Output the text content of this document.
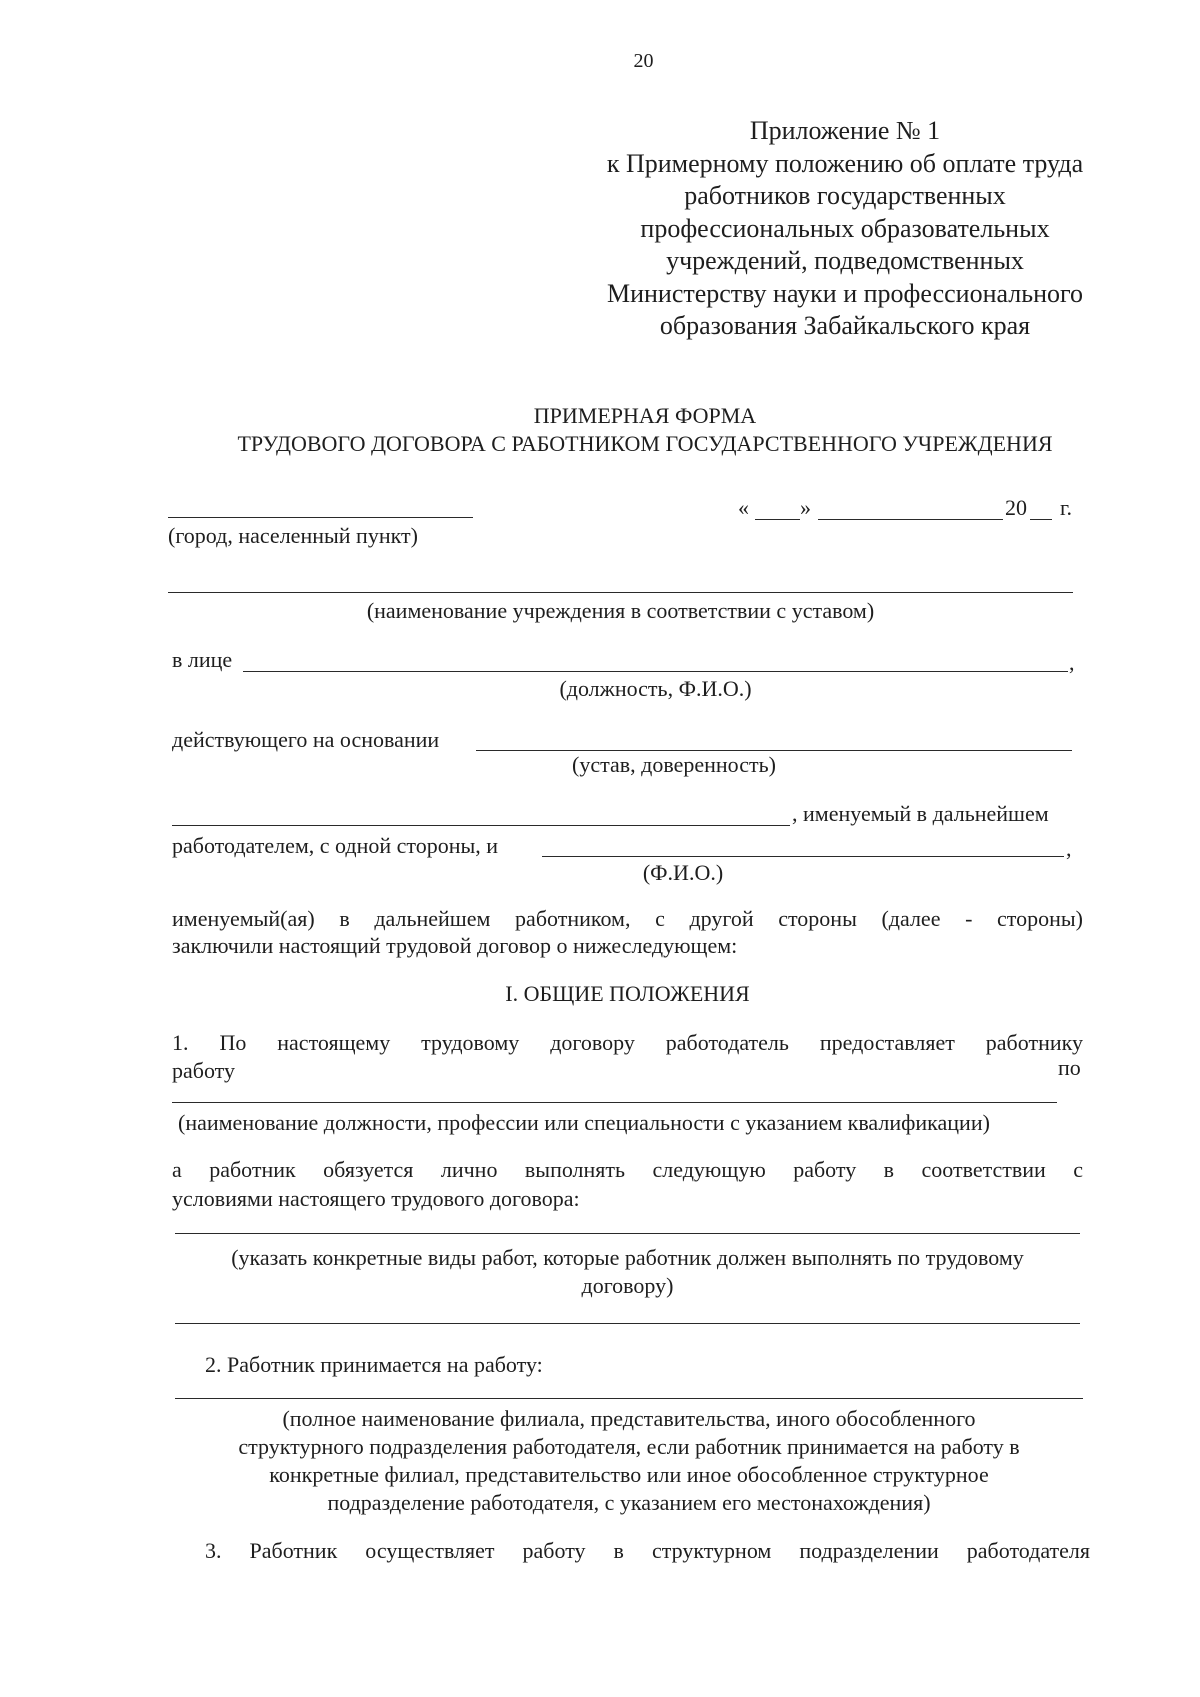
20
Приложение № 1
к Примерному положению об оплате труда
работников государственных
профессиональных образовательных
учреждений, подведомственных
Министерству науки и профессионального
образования Забайкальского края
ПРИМЕРНАЯ ФОРМА
ТРУДОВОГО ДОГОВОРА С РАБОТНИКОМ ГОСУДАРСТВЕННОГО УЧРЕЖДЕНИЯ
(город, населенный пункт)
« »	20 г.
(наименование учреждения в соответствии с уставом)
в лице	,
(должность, Ф.И.О.)
действующего на основании
(устав, доверенность)
, именуемый в дальнейшем
работодателем, с одной стороны, и	,
(Ф.И.О.)
именуемый(ая) в дальнейшем работником, с другой стороны (далее - стороны)
заключили настоящий трудовой договор о нижеследующем:
I. ОБЩИЕ ПОЛОЖЕНИЯ
1. По настоящему трудовому договору работодатель предоставляет работнику
работу	по
(наименование должности, профессии или специальности с указанием квалификации)
а работник обязуется лично выполнять следующую работу в соответствии с
условиями настоящего трудового договора:
(указать конкретные виды работ, которые работник должен выполнять по трудовому
договору)
2. Работник принимается на работу:
(полное наименование филиала, представительства, иного обособленного
структурного подразделения работодателя, если работник принимается на работу в
конкретные филиал, представительство или иное обособленное структурное
подразделение работодателя, с указанием его местонахождения)
3. Работник осуществляет работу в структурном подразделении работодателя
